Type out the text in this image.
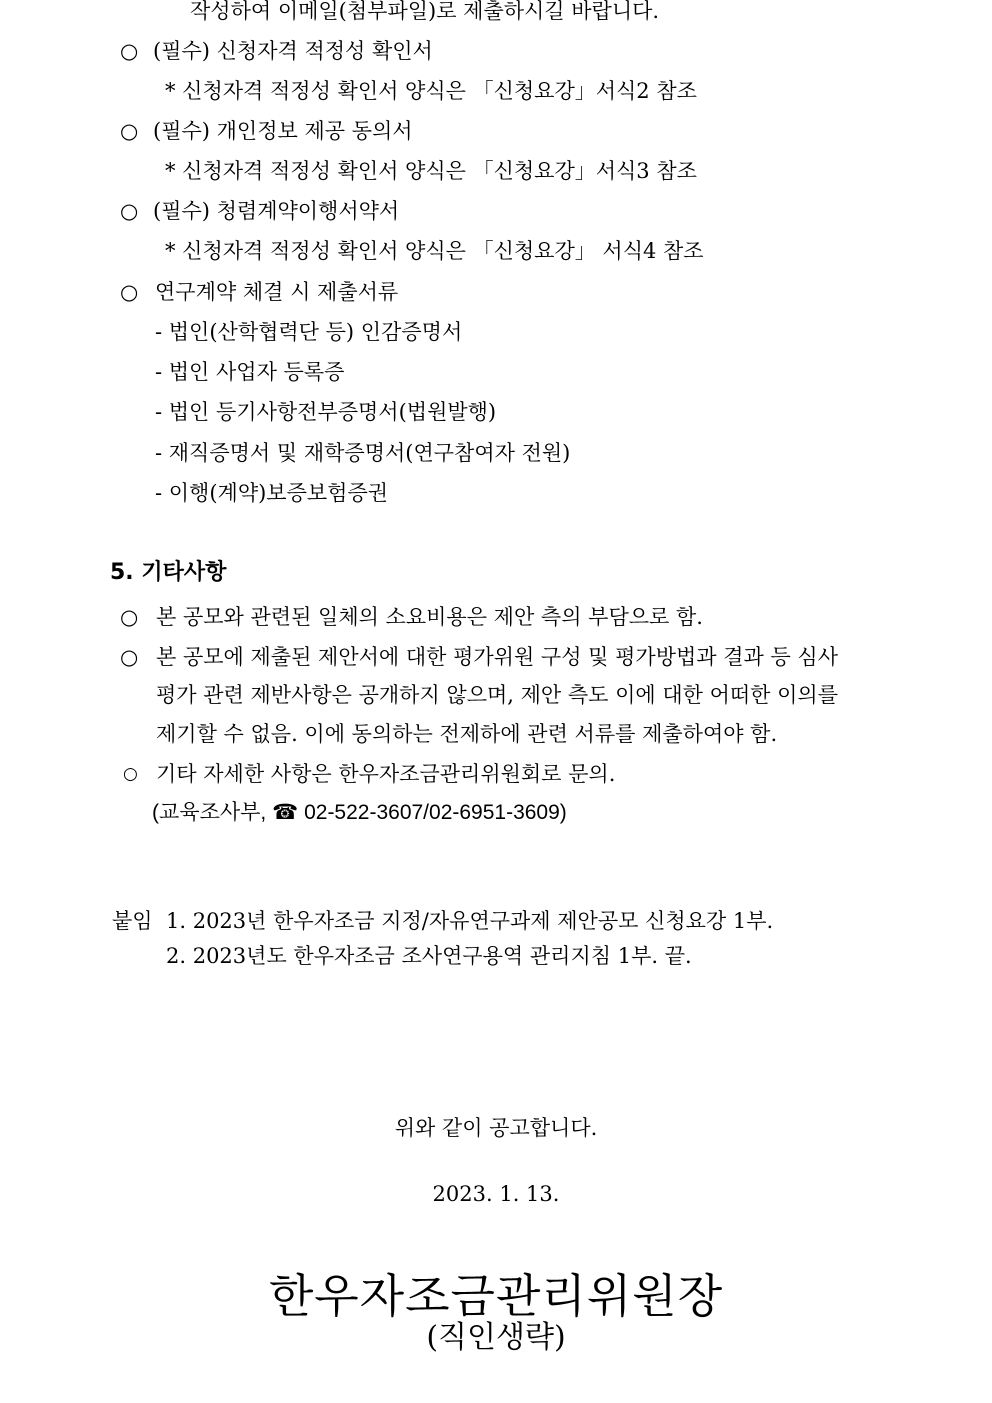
작성하여 이메일(첨부파일)로 제출하시길 바랍니다.
○ (필수) 신청자격 적정성 확인서
* 신청자격 적정성 확인서 양식은 「신청요강」서식2 참조
○ (필수) 개인정보 제공 동의서
* 신청자격 적정성 확인서 양식은 「신청요강」서식3 참조
○ (필수) 청렴계약이행서약서
* 신청자격 적정성 확인서 양식은 「신청요강」 서식4 참조
○ 연구계약 체결 시 제출서류
- 법인(산학협력단 등) 인감증명서
- 법인 사업자 등록증
- 법인 등기사항전부증명서(법원발행)
- 재직증명서 및 재학증명서(연구참여자 전원)
- 이행(계약)보증보험증권
5. 기타사항
○ 본 공모와 관련된 일체의 소요비용은 제안 측의 부담으로 함.
○ 본 공모에 제출된 제안서에 대한 평가위원 구성 및 평가방법과 결과 등 심사
평가 관련 제반사항은 공개하지 않으며, 제안 측도 이에 대한 어떠한 이의를
제기할 수 없음. 이에 동의하는 전제하에 관련 서류를 제출하여야 함.
○ 기타 자세한 사항은 한우자조금관리위원회로 문의.
(교육조사부, ☎ 02-522-3607/02-6951-3609)
붙임 1. 2023년 한우자조금 지정/자유연구과제 제안공모 신청요강 1부.
2. 2023년도 한우자조금 조사연구용역 관리지침 1부. 끝.
위와 같이 공고합니다.
2023. 1. 13.
한우자조금관리위원장
(직인생략)
